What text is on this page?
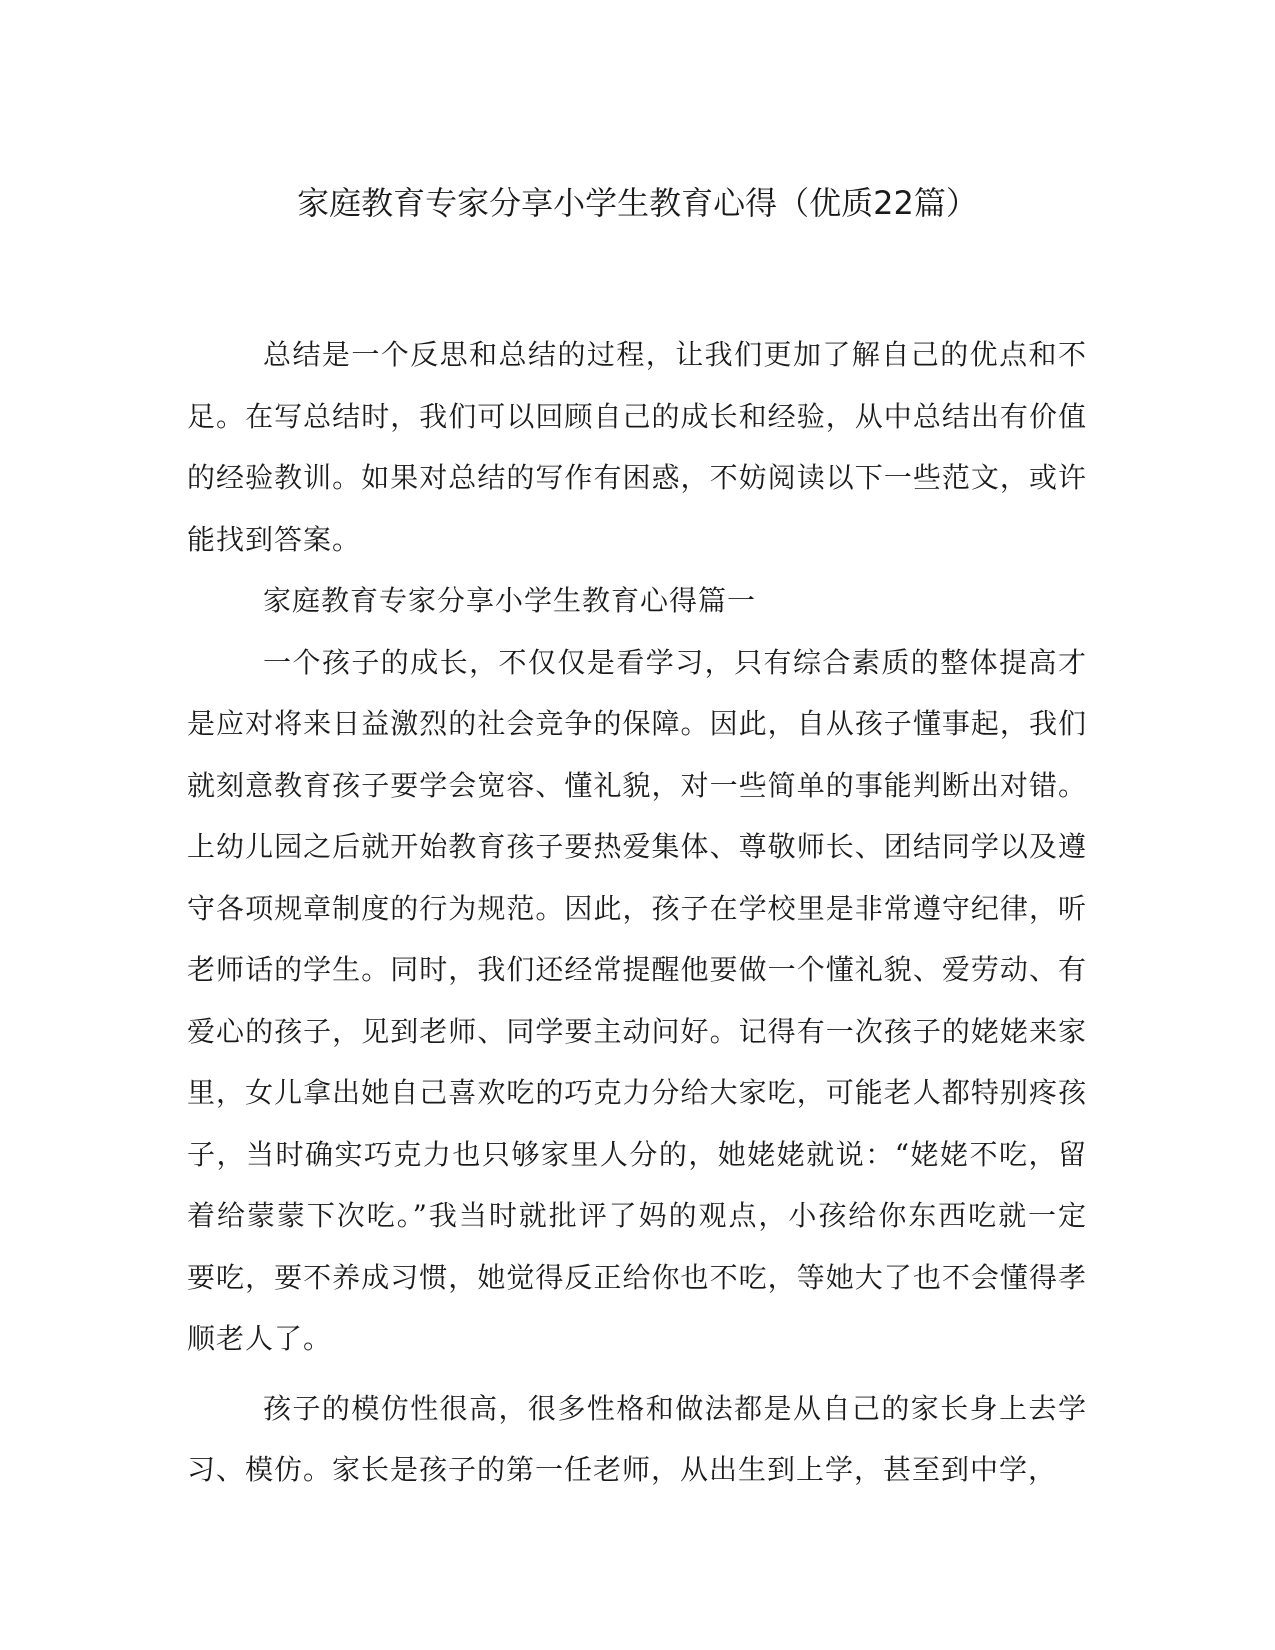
家庭教育专家分享小学生教育心得（优质22篇）

总结是一个反思和总结的过程，让我们更加了解自己的优点和不足。在写总结时，我们可以回顾自己的成长和经验，从中总结出有价值的经验教训。如果对总结的写作有困惑，不妨阅读以下一些范文，或许能找到答案。

家庭教育专家分享小学生教育心得篇一

一个孩子的成长，不仅仅是看学习，只有综合素质的整体提高才是应对将来日益激烈的社会竞争的保障。因此，自从孩子懂事起，我们就刻意教育孩子要学会宽容、懂礼貌，对一些简单的事能判断出对错。上幼儿园之后就开始教育孩子要热爱集体、尊敬师长、团结同学以及遵守各项规章制度的行为规范。因此，孩子在学校里是非常遵守纪律，听老师话的学生。同时，我们还经常提醒他要做一个懂礼貌、爱劳动、有爱心的孩子，见到老师、同学要主动问好。记得有一次孩子的姥姥来家里，女儿拿出她自己喜欢吃的巧克力分给大家吃，可能老人都特别疼孩子，当时确实巧克力也只够家里人分的，她姥姥就说：“姥姥不吃，留着给蒙蒙下次吃。”我当时就批评了妈的观点，小孩给你东西吃就一定要吃，要不养成习惯，她觉得反正给你也不吃，等她大了也不会懂得孝顺老人了。

孩子的模仿性很高，很多性格和做法都是从自己的家长身上去学习、模仿。家长是孩子的第一任老师，从出生到上学，甚至到中学，
